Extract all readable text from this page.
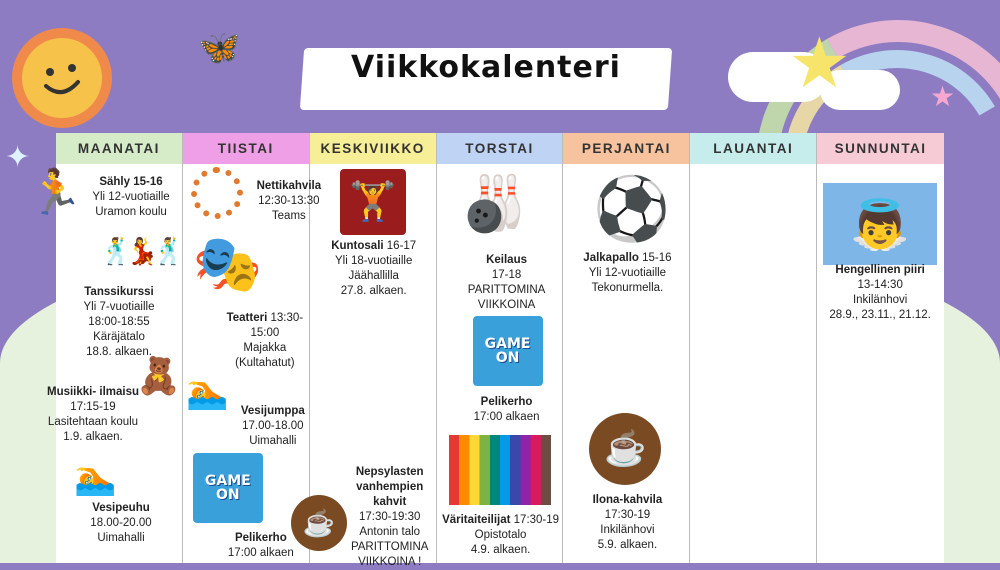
★	★
✦
🦋
Viikkokalenteri
MAANATAI
Sähly 15-16
Yli 12-vuotiaille
Uramon koulu
🕺💃🕺
Tanssikurssi
Yli 7-vuotiaille
18:00-18:55
Käräjätalo
18.8. alkaen.
🧸
Musiikki- ilmaisu
17:15-19
Lasitehtaan koulu
1.9. alkaen.
🏊
Vesipeuhu
18.00-20.00
Uimahalli
TIISTAI
Nettikahvila
12:30-13:30
Teams
🎭
Teatteri 13:30-
15:00
Majakka
(Kultahatut)
Vesijumppa
17.00-18.00
Uimahalli
GAME
ON
Pelikerho
17:00 alkaen
☕
KESKIVIIKKO
🏋
Kuntosali 16-17
Yli 18-vuotiaille
Jäähallilla
27.8. alkaen.
Nepsylasten
vanhempien kahvit
17:30-19:30
Antonin talo
PARITTOMINA
VIIKKOINA !
TORSTAI
🎳
Keilaus
17-18
PARITTOMINA
VIIKKOINA
GAME
ON
Pelikerho
17:00 alkaen
Väritaiteilijat 17:30-19
Opistotalo
4.9. alkaen.
PERJANTAI
⚽
Jalkapallo 15-16
Yli 12-vuotiaille
Tekonurmella.
☕
Ilona-kahvila
17:30-19
Inkilänhovi
5.9. alkaen.
LAUANTAI	SUNNUNTAI
👼
Hengellinen piiri
13-14:30
Inkilänhovi
28.9., 23.11., 21.12.
🏃
🏊
